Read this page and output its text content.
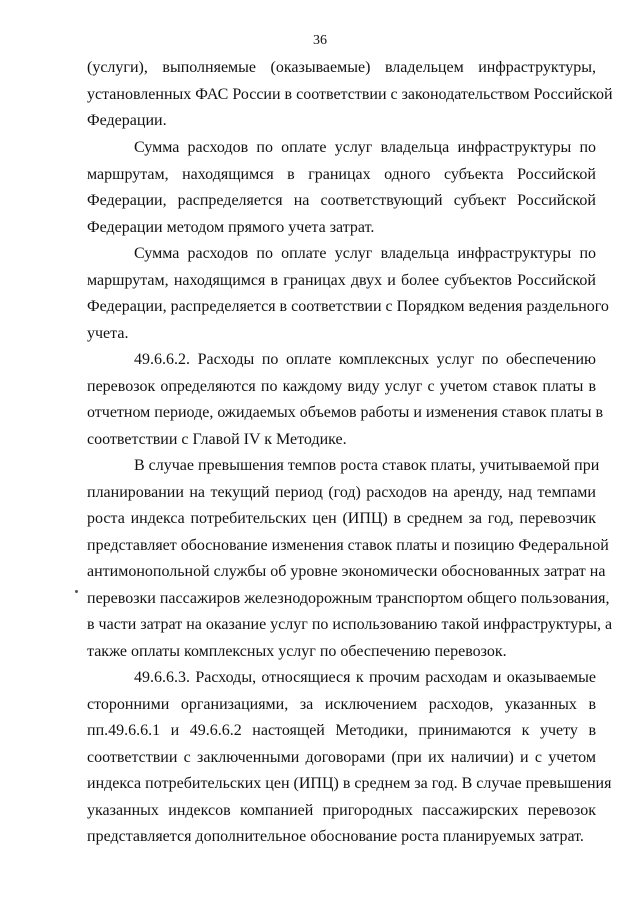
36
(услуги), выполняемые (оказываемые) владельцем инфраструктуры,
установленных ФАС России в соответствии с законодательством Российской
Федерации.
Сумма расходов по оплате услуг владельца инфраструктуры по
маршрутам, находящимся в границах одного субъекта Российской
Федерации, распределяется на соответствующий субъект Российской
Федерации методом прямого учета затрат.
Сумма расходов по оплате услуг владельца инфраструктуры по
маршрутам, находящимся в границах двух и более субъектов Российской
Федерации, распределяется в соответствии с Порядком ведения раздельного
учета.
49.6.6.2. Расходы по оплате комплексных услуг по обеспечению
перевозок определяются по каждому виду услуг с учетом ставок платы в
отчетном периоде, ожидаемых объемов работы и изменения ставок платы в
соответствии с Главой IV к Методике.
В случае превышения темпов роста ставок платы, учитываемой при
планировании на текущий период (год) расходов на аренду, над темпами
роста индекса потребительских цен (ИПЦ) в среднем за год, перевозчик
представляет обоснование изменения ставок платы и позицию Федеральной
антимонопольной службы об уровне экономически обоснованных затрат на
перевозки пассажиров железнодорожным транспортом общего пользования,
в части затрат на оказание услуг по использованию такой инфраструктуры, а
также оплаты комплексных услуг по обеспечению перевозок.
49.6.6.3. Расходы, относящиеся к прочим расходам и оказываемые
сторонними организациями, за исключением расходов, указанных в
пп.49.6.6.1 и 49.6.6.2 настоящей Методики, принимаются к учету в
соответствии с заключенными договорами (при их наличии) и с учетом
индекса потребительских цен (ИПЦ) в среднем за год. В случае превышения
указанных индексов компанией пригородных пассажирских перевозок
представляется дополнительное обоснование роста планируемых затрат.
